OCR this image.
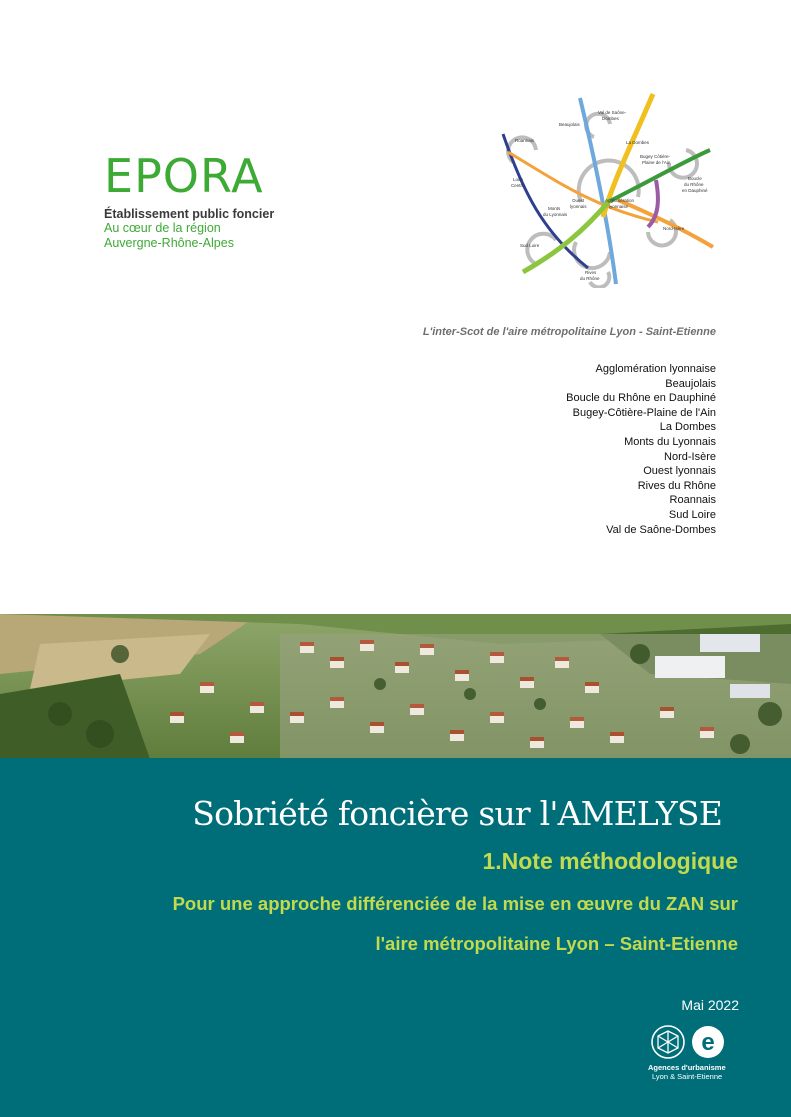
EPORA
Établissement public foncier
Au cœur de la région
Auvergne-Rhône-Alpes
Roannais
Beaujolais
Val de Saône-
Dombes
La Dombes
Bugey Côtière-
Plaine de l'Ain
Boucle
du Rhône
en Dauphiné
Loire
Centre
Ouest
lyonnais
Agglomération
lyonnaise
Monts
du Lyonnais
Nord-Isère
Sud Loire
Rives
du Rhône
L'inter-Scot de l'aire métropolitaine Lyon - Saint-Etienne
Agglomération lyonnaise
Beaujolais
Boucle du Rhône en Dauphiné
Bugey-Côtière-Plaine de l'Ain
La Dombes
Monts du Lyonnais
Nord-Isère
Ouest lyonnais
Rives du Rhône
Roannais
Sud Loire
Val de Saône-Dombes
Sobriété foncière sur l'AMELYSE
1.Note méthodologique
Pour une approche différenciée de la mise en œuvre du ZAN sur
l'aire métropolitaine Lyon – Saint-Etienne
Mai 2022
e
Agences d'urbanisme
Lyon & Saint-Etienne
